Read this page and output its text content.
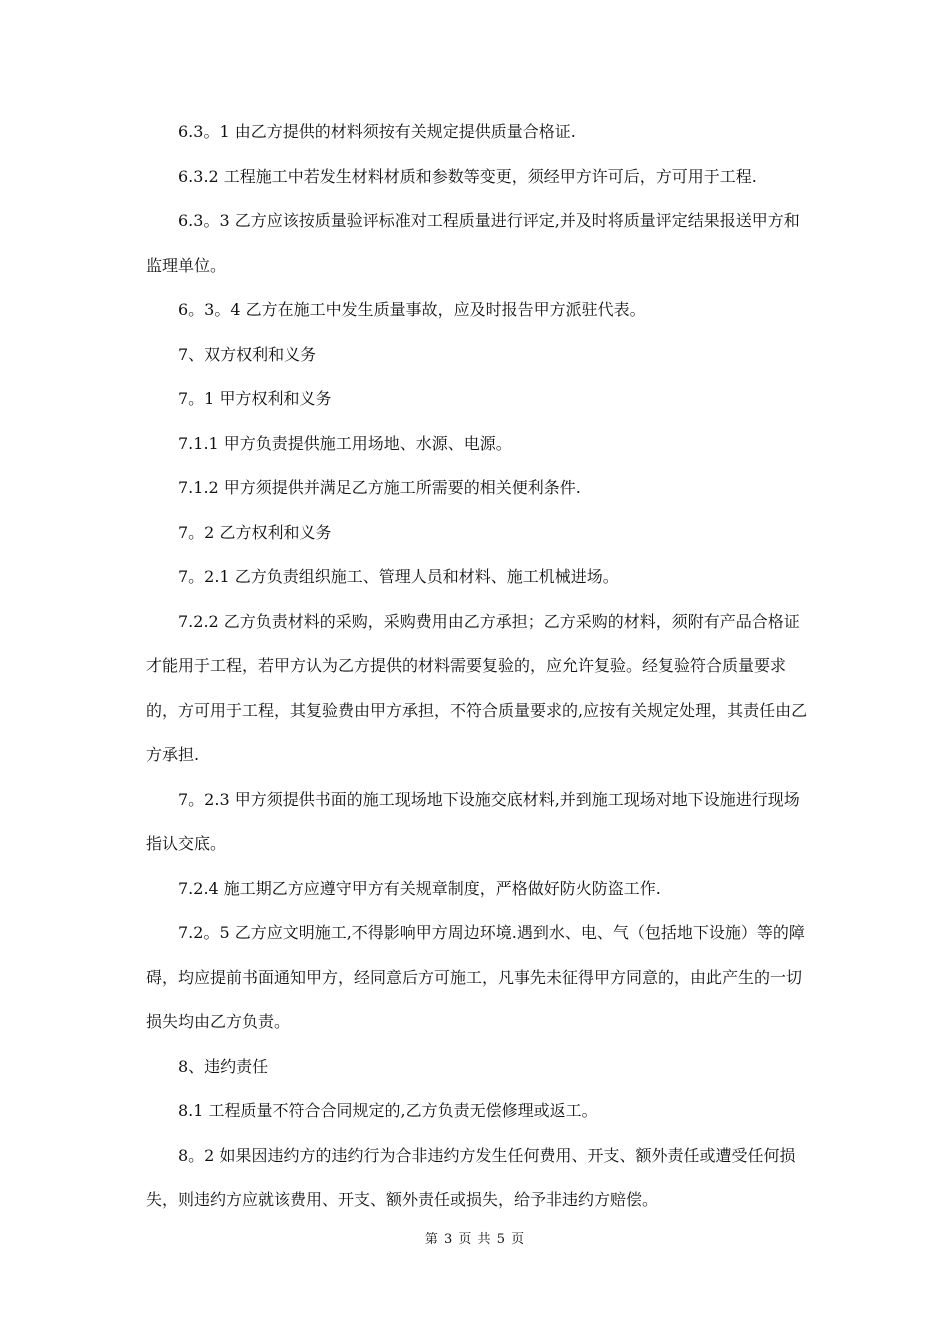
6.3。1 由乙方提供的材料须按有关规定提供质量合格证.

6.3.2 工程施工中若发生材料材质和参数等变更，须经甲方许可后，方可用于工程.

6.3。3 乙方应该按质量验评标准对工程质量进行评定,并及时将质量评定结果报送甲方和监理单位。

6。3。4 乙方在施工中发生质量事故，应及时报告甲方派驻代表。

7、双方权利和义务

7。1 甲方权利和义务

7.1.1 甲方负责提供施工用场地、水源、电源。

7.1.2 甲方须提供并满足乙方施工所需要的相关便利条件.

7。2 乙方权利和义务

7。2.1 乙方负责组织施工、管理人员和材料、施工机械进场。

7.2.2 乙方负责材料的采购，采购费用由乙方承担；乙方采购的材料，须附有产品合格证才能用于工程，若甲方认为乙方提供的材料需要复验的，应允许复验。经复验符合质量要求的，方可用于工程，其复验费由甲方承担，不符合质量要求的,应按有关规定处理，其责任由乙方承担.

7。2.3 甲方须提供书面的施工现场地下设施交底材料,并到施工现场对地下设施进行现场指认交底。

7.2.4 施工期乙方应遵守甲方有关规章制度，严格做好防火防盗工作.

7.2。5 乙方应文明施工,不得影响甲方周边环境.遇到水、电、气（包括地下设施）等的障碍，均应提前书面通知甲方，经同意后方可施工，凡事先未征得甲方同意的，由此产生的一切损失均由乙方负责。

8、违约责任

8.1 工程质量不符合合同规定的,乙方负责无偿修理或返工。

8。2 如果因违约方的违约行为合非违约方发生任何费用、开支、额外责任或遭受任何损失，则违约方应就该费用、开支、额外责任或损失，给予非违约方赔偿。

第 3 页 共 5 页
